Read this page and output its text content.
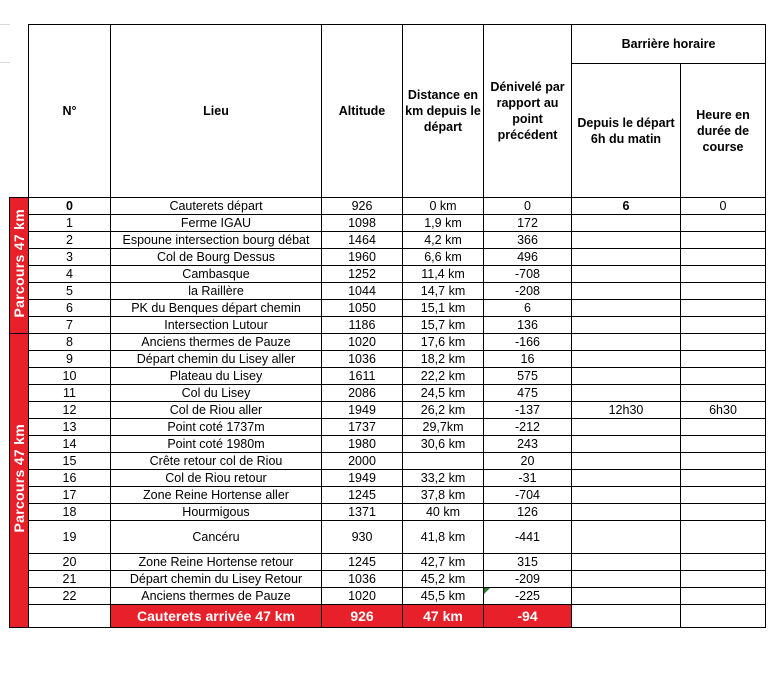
	N°	Lieu	Altitude	Distance en km depuis le départ	Dénivelé par rapport au point précédent	Barrière horaire	
						Depuis le départ 6h du matin	Heure en durée de course
Parcours 47 km	0	Cauterets départ	926	0 km	0	6	0
	1	Ferme IGAU	1098	1,9 km	172		
	2	Espoune intersection bourg débat	1464	4,2 km	366		
	3	Col de Bourg Dessus	1960	6,6 km	496		
	4	Cambasque	1252	11,4 km	-708		
	5	la Raillère	1044	14,7 km	-208		
	6	PK du Benques départ chemin	1050	15,1 km	6		
	7	Intersection Lutour	1186	15,7 km	136		
Parcours 47 km	8	Anciens thermes de Pauze	1020	17,6 km	-166		
	9	Départ chemin du Lisey aller	1036	18,2 km	16		
	10	Plateau du Lisey	1611	22,2 km	575		
	11	Col du Lisey	2086	24,5 km	475		
	12	Col de Riou aller	1949	26,2 km	-137	12h30	6h30
	13	Point coté 1737m	1737	29,7km	-212		
	14	Point coté 1980m	1980	30,6 km	243		
	15	Crête retour col de Riou	2000		20		
	16	Col de Riou retour	1949	33,2 km	-31		
	17	Zone Reine Hortense aller	1245	37,8 km	-704		
	18	Hourmigous	1371	40 km	126		
	19	Cancéru	930	41,8 km	-441		
	20	Zone Reine Hortense retour	1245	42,7 km	315		
	21	Départ chemin du Lisey Retour	1036	45,2 km	-209		
	22	Anciens thermes de Pauze	1020	45,5 km	-225

		Cauterets arrivée 47 km	926	47 km	-94		
